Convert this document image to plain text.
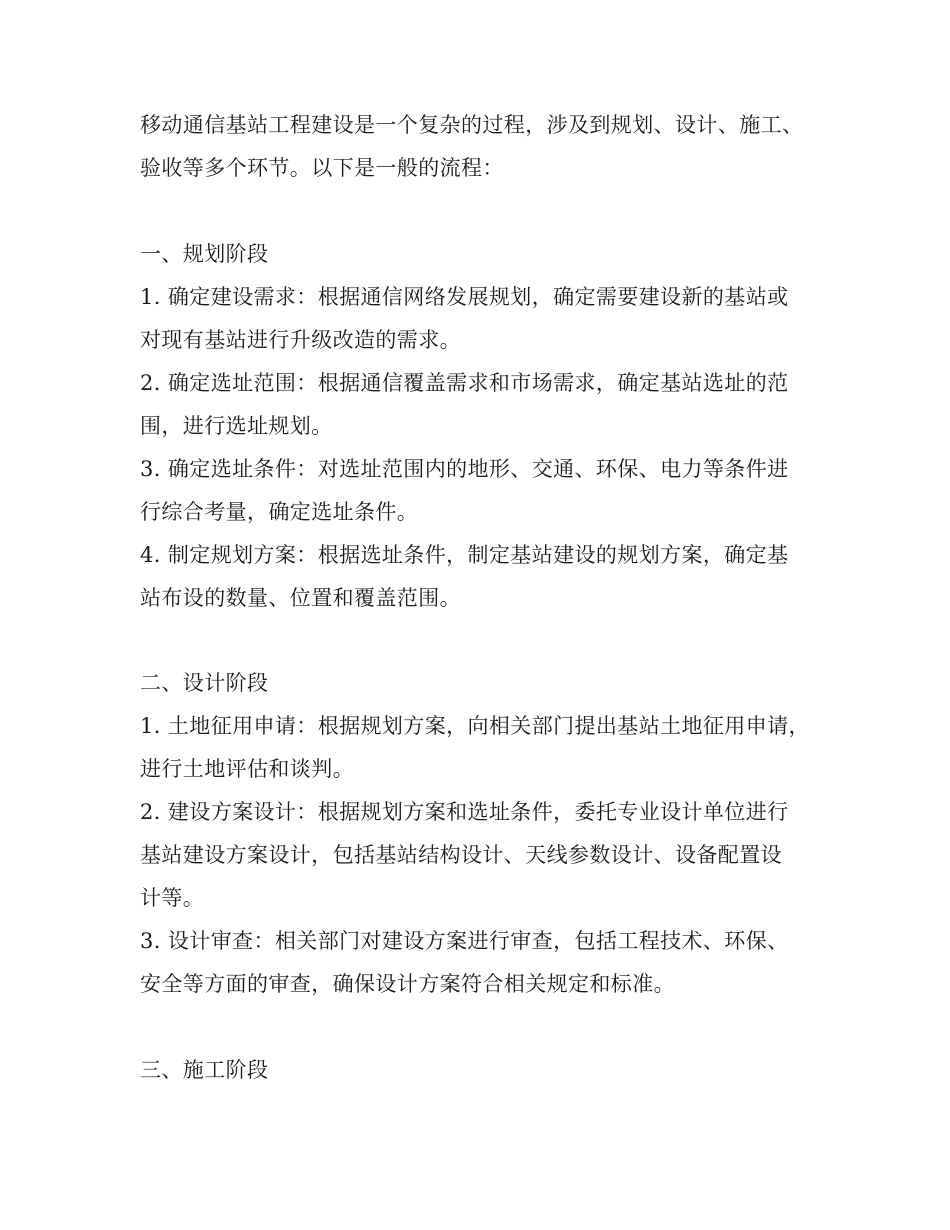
移动通信基站工程建设是一个复杂的过程，涉及到规划、设计、施工、

验收等多个环节。以下是一般的流程：

一、规划阶段

1. 确定建设需求：根据通信网络发展规划，确定需要建设新的基站或

对现有基站进行升级改造的需求。

2. 确定选址范围：根据通信覆盖需求和市场需求，确定基站选址的范

围，进行选址规划。

3. 确定选址条件：对选址范围内的地形、交通、环保、电力等条件进

行综合考量，确定选址条件。

4. 制定规划方案：根据选址条件，制定基站建设的规划方案，确定基

站布设的数量、位置和覆盖范围。

二、设计阶段

1. 土地征用申请：根据规划方案，向相关部门提出基站土地征用申请，

进行土地评估和谈判。

2. 建设方案设计：根据规划方案和选址条件，委托专业设计单位进行

基站建设方案设计，包括基站结构设计、天线参数设计、设备配置设

计等。

3. 设计审查：相关部门对建设方案进行审查，包括工程技术、环保、

安全等方面的审查，确保设计方案符合相关规定和标准。

三、施工阶段
